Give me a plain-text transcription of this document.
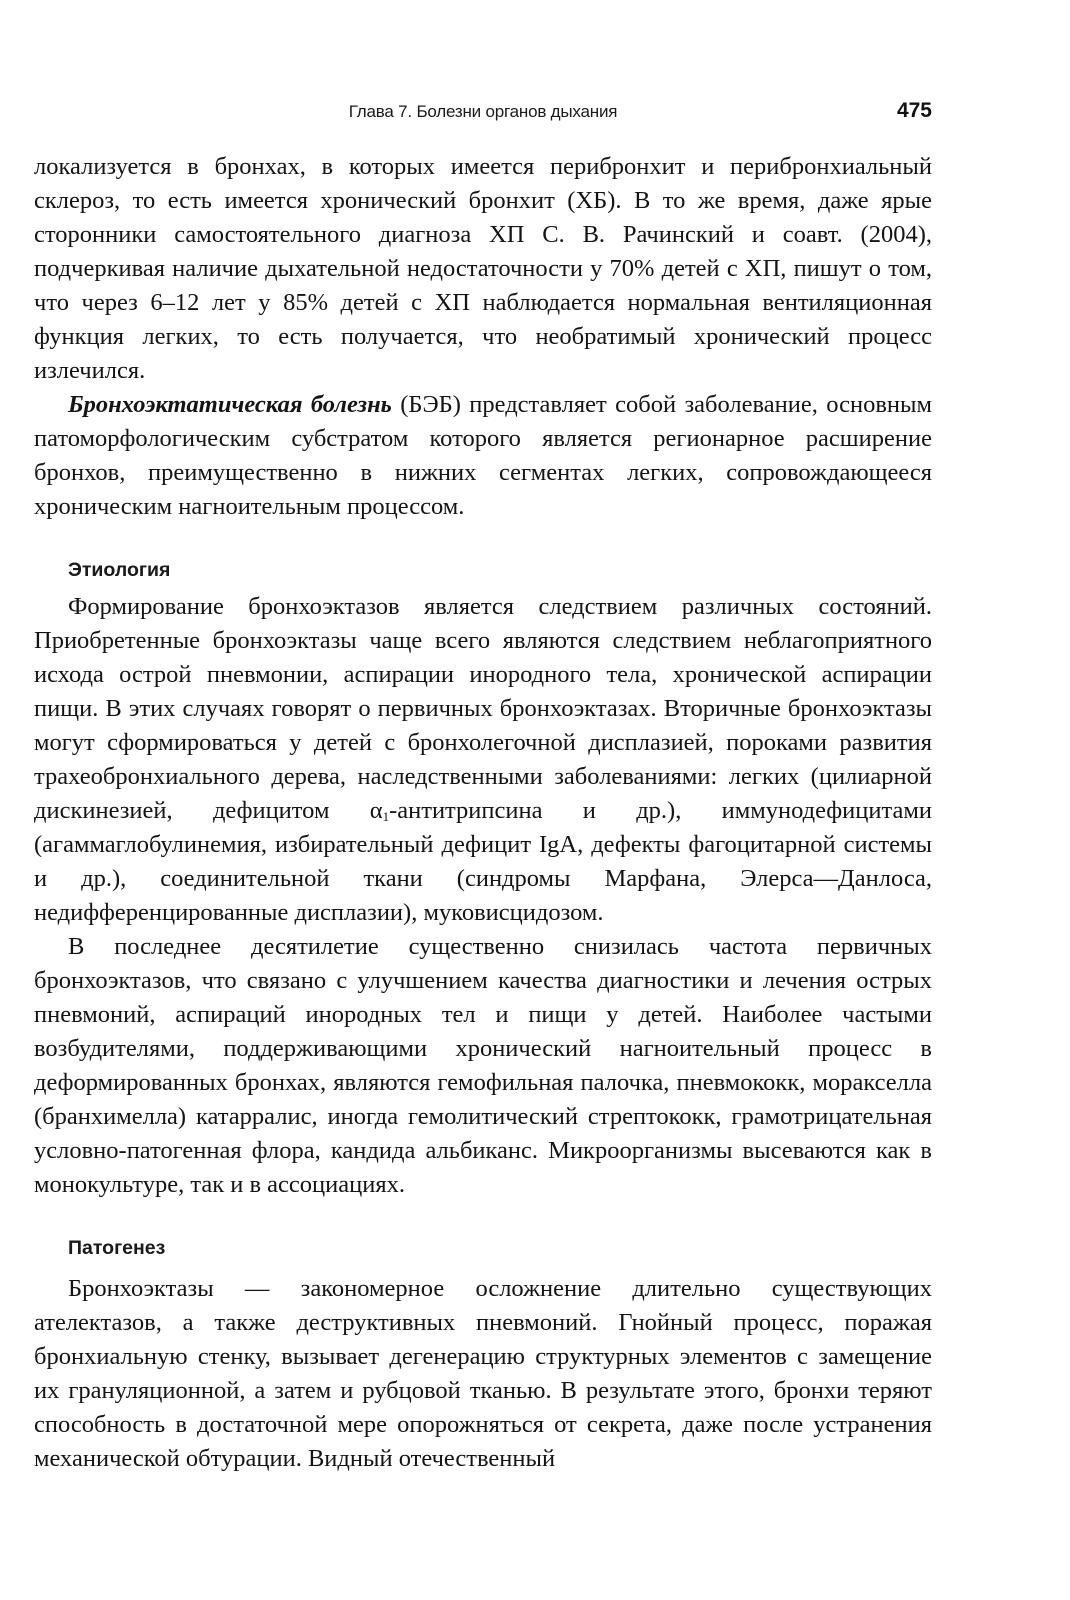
Глава 7. Болезни органов дыхания	475

локализуется в бронхах, в которых имеется перибронхит и перибронхиальный склероз, то есть имеется хронический бронхит (ХБ). В то же время, даже ярые сторонники самостоятельного диагноза ХП С. В. Рачинский и соавт. (2004), подчеркивая наличие дыхательной недостаточности у 70% детей с ХП, пишут о том, что через 6–12 лет у 85% детей с ХП наблюдается нормальная вентиляционная функция легких, то есть получается, что необратимый хронический процесс излечился.

Бронхоэктатическая болезнь (БЭБ) представляет собой заболевание, основным патоморфологическим субстратом которого является регионарное расширение бронхов, преимущественно в нижних сегментах легких, сопровождающееся хроническим нагноительным процессом.

Этиология

Формирование бронхоэктазов является следствием различных состояний. Приобретенные бронхоэктазы чаще всего являются следствием неблагоприятного исхода острой пневмонии, аспирации инородного тела, хронической аспирации пищи. В этих случаях говорят о первичных бронхоэктазах. Вторичные бронхоэктазы могут сформироваться у детей с бронхолегочной дисплазией, пороками развития трахеобронхиального дерева, наследственными заболеваниями: легких (цилиарной дискинезией, дефицитом $\alpha_1$-антитрипсина и др.), иммунодефицитами (агаммаглобулинемия, избирательный дефицит IgA, дефекты фагоцитарной системы и др.), соединительной ткани (синдромы Марфана, Элерса—Данлоса, недифференцированные дисплазии), муковисцидозом.

В последнее десятилетие существенно снизилась частота первичных бронхоэктазов, что связано с улучшением качества диагностики и лечения острых пневмоний, аспираций инородных тел и пищи у детей. Наиболее частыми возбудителями, поддерживающими хронический нагноительный процесс в деформированных бронхах, являются гемофильная палочка, пневмококк, моракселла (бранхимелла) катарралис, иногда гемолитический стрептококк, грамотрицательная условно-патогенная флора, кандида альбиканс. Микроорганизмы высеваются как в монокультуре, так и в ассоциациях.

Патогенез

Бронхоэктазы — закономерное осложнение длительно существующих ателектазов, а также деструктивных пневмоний. Гнойный процесс, поражая бронхиальную стенку, вызывает дегенерацию структурных элементов с замещение их грануляционной, а затем и рубцовой тканью. В результате этого, бронхи теряют способность в достаточной мере опорожняться от секрета, даже после устранения механической обтурации. Видный отечественный
